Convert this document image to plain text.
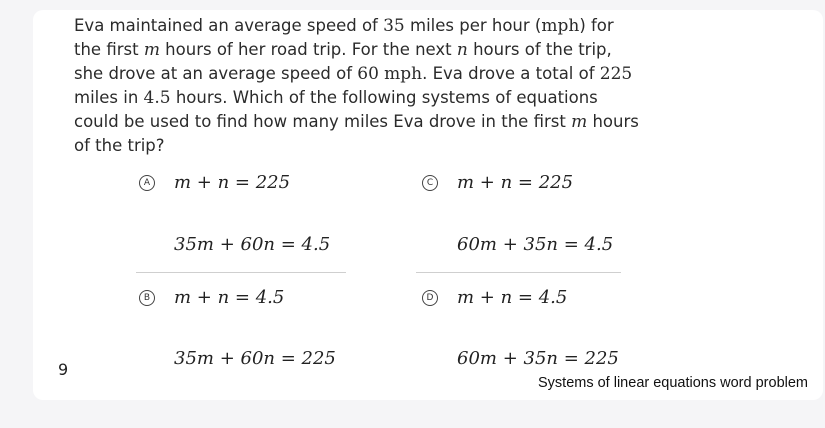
Eva maintained an average speed of 35 miles per hour (mph) for the first m hours of her road trip. For the next n hours of the trip, she drove at an average speed of 60 mph. Eva drove a total of 225 miles in 4.5 hours. Which of the following systems of equations could be used to find how many miles Eva drove in the first m hours of the trip?
A m + n = 225
35m + 60n = 4.5
C m + n = 225
60m + 35n = 4.5
B m + n = 4.5
35m + 60n = 225
D m + n = 4.5
60m + 35n = 225
9
Systems of linear equations word problem
